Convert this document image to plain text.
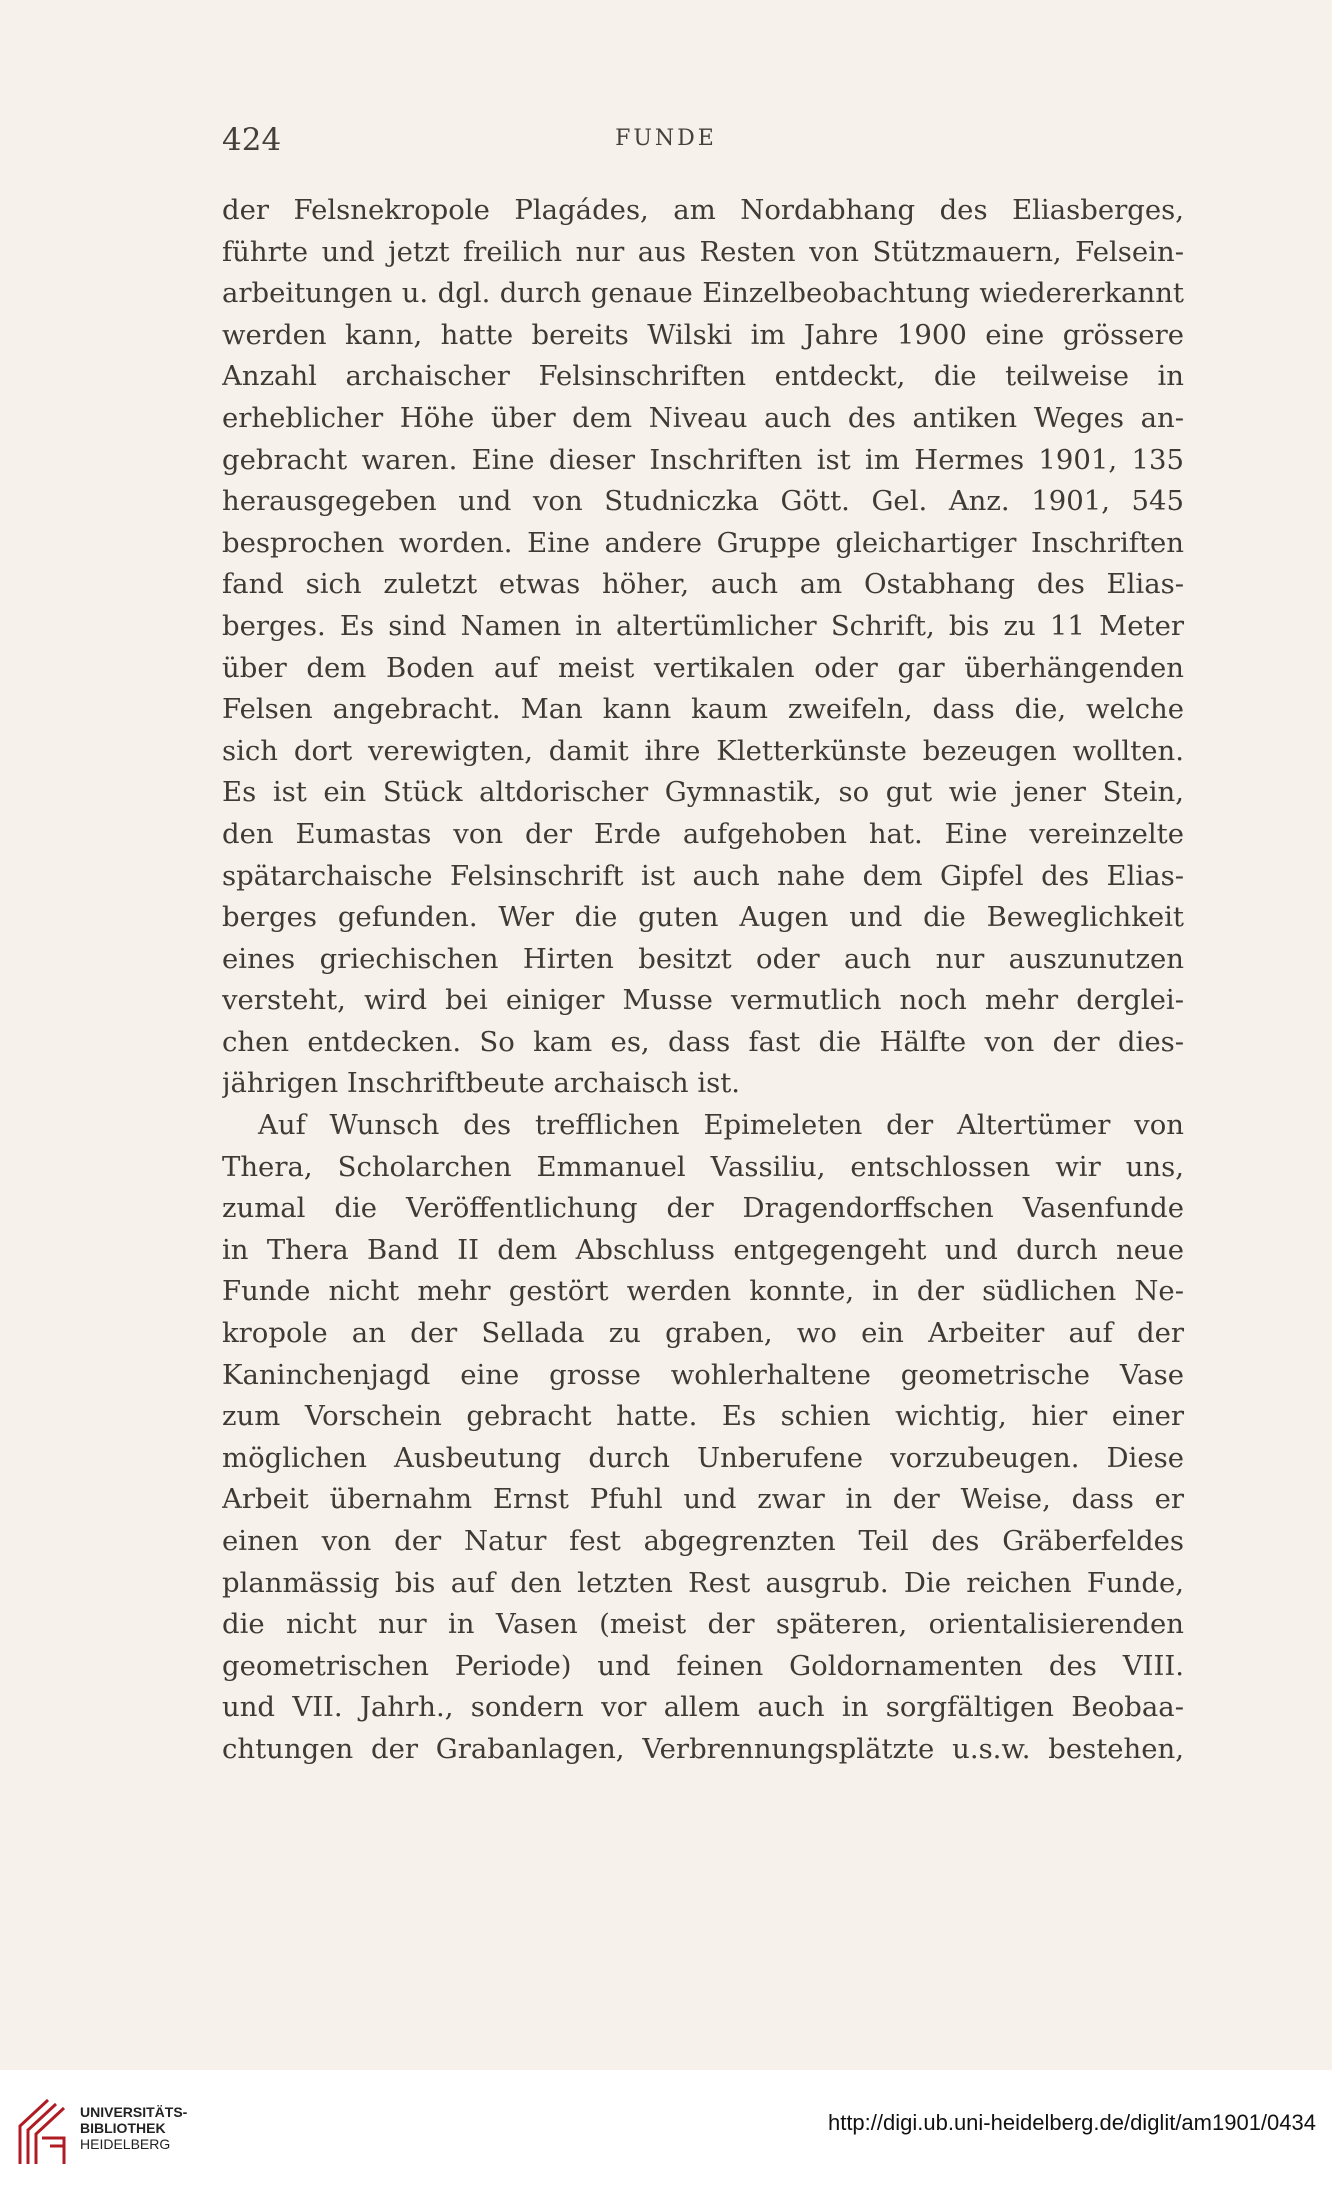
424	FUNDE
der Felsnekropole Plagádes, am Nordabhang des Eliasberges,
führte und jetzt freilich nur aus Resten von Stützmauern, Felsein-
arbeitungen u. dgl. durch genaue Einzelbeobachtung wiedererkannt
werden kann, hatte bereits Wilski im Jahre 1900 eine grössere
Anzahl archaischer Felsinschriften entdeckt, die teilweise in
erheblicher Höhe über dem Niveau auch des antiken Weges an-
gebracht waren. Eine dieser Inschriften ist im Hermes 1901, 135
herausgegeben und von Studniczka Gött. Gel. Anz. 1901, 545
besprochen worden. Eine andere Gruppe gleichartiger Inschriften
fand sich zuletzt etwas höher, auch am Ostabhang des Elias-
berges. Es sind Namen in altertümlicher Schrift, bis zu 11 Meter
über dem Boden auf meist vertikalen oder gar überhängenden
Felsen angebracht. Man kann kaum zweifeln, dass die, welche
sich dort verewigten, damit ihre Kletterkünste bezeugen wollten.
Es ist ein Stück altdorischer Gymnastik, so gut wie jener Stein,
den Eumastas von der Erde aufgehoben hat. Eine vereinzelte
spätarchaische Felsinschrift ist auch nahe dem Gipfel des Elias-
berges gefunden. Wer die guten Augen und die Beweglichkeit
eines griechischen Hirten besitzt oder auch nur auszunutzen
versteht, wird bei einiger Musse vermutlich noch mehr derglei-
chen entdecken. So kam es, dass fast die Hälfte von der dies-
jährigen Inschriftbeute archaisch ist.
Auf Wunsch des trefflichen Epimeleten der Altertümer von
Thera, Scholarchen Emmanuel Vassiliu, entschlossen wir uns,
zumal die Veröffentlichung der Dragendorffschen Vasenfunde
in Thera Band II dem Abschluss entgegengeht und durch neue
Funde nicht mehr gestört werden konnte, in der südlichen Ne-
kropole an der Sellada zu graben, wo ein Arbeiter auf der
Kaninchenjagd eine grosse wohlerhaltene geometrische Vase
zum Vorschein gebracht hatte. Es schien wichtig, hier einer
möglichen Ausbeutung durch Unberufene vorzubeugen. Diese
Arbeit übernahm Ernst Pfuhl und zwar in der Weise, dass er
einen von der Natur fest abgegrenzten Teil des Gräberfeldes
planmässig bis auf den letzten Rest ausgrub. Die reichen Funde,
die nicht nur in Vasen (meist der späteren, orientalisierenden
geometrischen Periode) und feinen Goldornamenten des VIII.
und VII. Jahrh., sondern vor allem auch in sorgfältigen Beobaa-
chtungen der Grabanlagen, Verbrennungsplätzte u.s.w. bestehen,
UNIVERSITÄTS-
BIBLIOTHEK
HEIDELBERG
http://digi.ub.uni-heidelberg.de/diglit/am1901/0434
